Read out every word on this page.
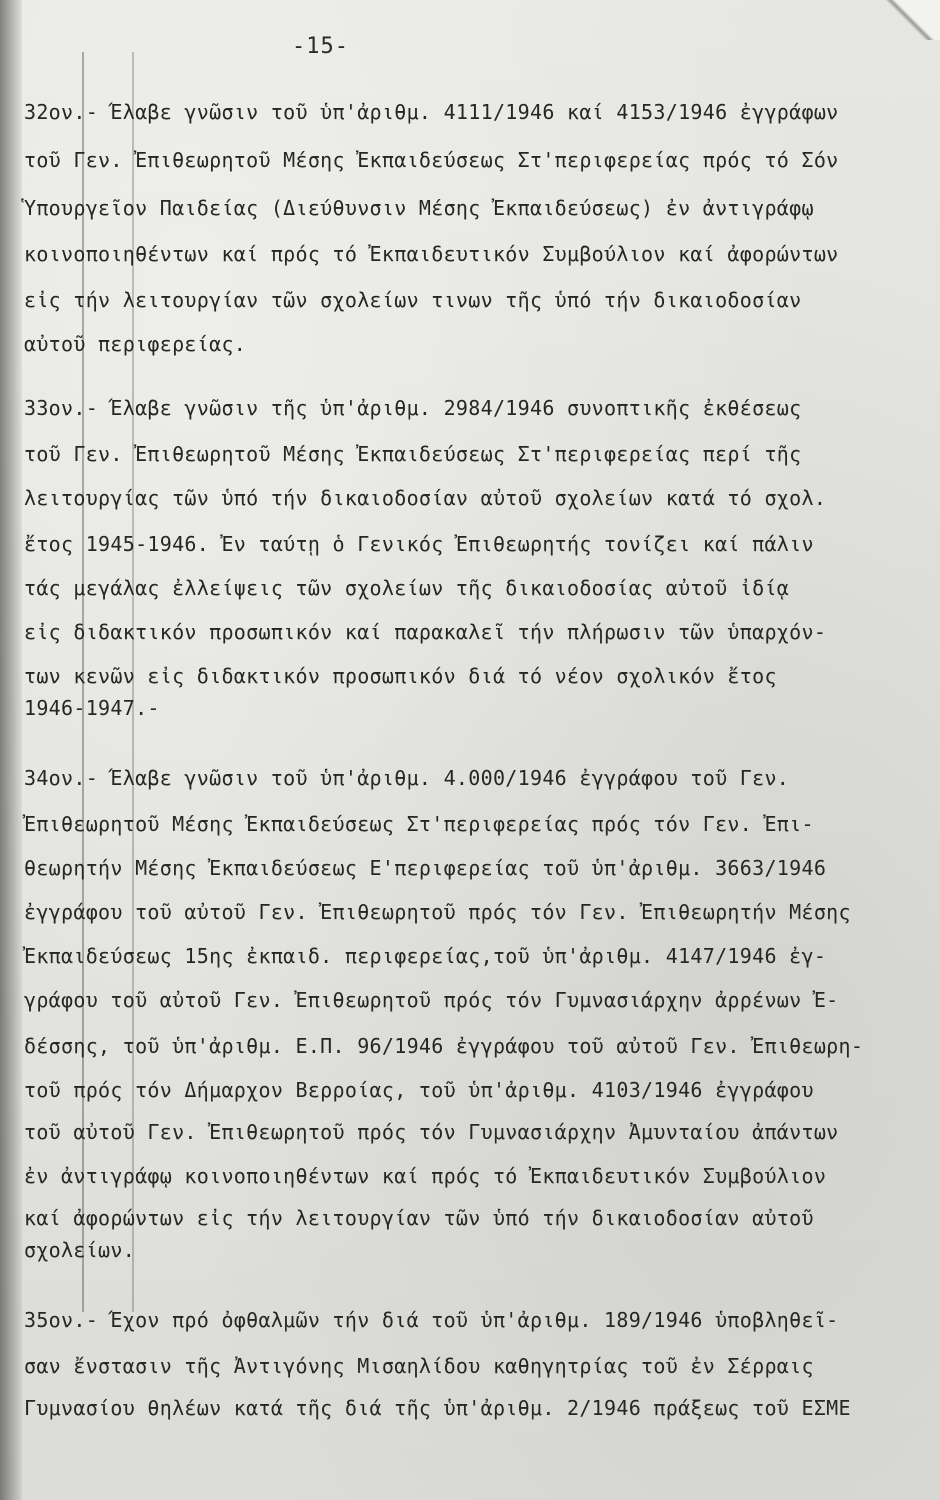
-15-
32ον.- Έλαβε γνῶσιν τοῦ ὑπ'ἀριθμ. 4111/1946 καί 4153/1946 ἐγγράφων
τοῦ Γεν. Ἐπιθεωρητοῦ Μέσης Ἐκπαιδεύσεως Στ'περιφερείας πρός τό Σόν
Ὑπουργεῖον Παιδείας (Διεύθυνσιν Μέσης Ἐκπαιδεύσεως) ἐν ἀντιγράφῳ
κοινοποιηθέντων καί πρός τό Ἐκπαιδευτικόν Συμβούλιον καί ἀφορώντων
εἰς τήν λειτουργίαν τῶν σχολείων τινων τῆς ὑπό τήν δικαιοδοσίαν
αὐτοῦ περιφερείας.
33ον.- Έλαβε γνῶσιν τῆς ὑπ'ἀριθμ. 2984/1946 συνοπτικῆς ἐκθέσεως
τοῦ Γεν. Ἐπιθεωρητοῦ Μέσης Ἐκπαιδεύσεως Στ'περιφερείας περί τῆς
λειτουργίας τῶν ὑπό τήν δικαιοδοσίαν αὐτοῦ σχολείων κατά τό σχολ.
ἔτος 1945-1946. Ἐν ταύτῃ ὁ Γενικός Ἐπιθεωρητής τονίζει καί πάλιν
τάς μεγάλας ἐλλείψεις τῶν σχολείων τῆς δικαιοδοσίας αὐτοῦ ἰδίᾳ
εἰς διδακτικόν προσωπικόν καί παρακαλεῖ τήν πλήρωσιν τῶν ὑπαρχόν-
των κενῶν εἰς διδακτικόν προσωπικόν διά τό νέον σχολικόν ἔτος
1946-1947.-
34ον.- Έλαβε γνῶσιν τοῦ ὑπ'ἀριθμ. 4.000/1946 ἐγγράφου τοῦ Γεν.
Ἐπιθεωρητοῦ Μέσης Ἐκπαιδεύσεως Στ'περιφερείας πρός τόν Γεν. Ἐπι-
θεωρητήν Μέσης Ἐκπαιδεύσεως Ε'περιφερείας τοῦ ὑπ'ἀριθμ. 3663/1946
ἐγγράφου τοῦ αὐτοῦ Γεν. Ἐπιθεωρητοῦ πρός τόν Γεν. Ἐπιθεωρητήν Μέσης
Ἐκπαιδεύσεως 15ης ἐκπαιδ. περιφερείας,τοῦ ὑπ'ἀριθμ. 4147/1946 ἐγ-
γράφου τοῦ αὐτοῦ Γεν. Ἐπιθεωρητοῦ πρός τόν Γυμνασιάρχην ἀρρένων Ἐ-
δέσσης, τοῦ ὑπ'ἀριθμ. Ε.Π. 96/1946 ἐγγράφου τοῦ αὐτοῦ Γεν. Ἐπιθεωρη-
τοῦ πρός τόν Δήμαρχον Βερροίας, τοῦ ὑπ'ἀριθμ. 4103/1946 ἐγγράφου
τοῦ αὐτοῦ Γεν. Ἐπιθεωρητοῦ πρός τόν Γυμνασιάρχην Ἀμυνταίου ἀπάντων
ἐν ἀντιγράφῳ κοινοποιηθέντων καί πρός τό Ἐκπαιδευτικόν Συμβούλιον
καί ἀφορώντων εἰς τήν λειτουργίαν τῶν ὑπό τήν δικαιοδοσίαν αὐτοῦ
σχολείων.
35ον.- Έχον πρό ὀφθαλμῶν τήν διά τοῦ ὑπ'ἀριθμ. 189/1946 ὑποβληθεῖ-
σαν ἔνστασιν τῆς Ἀντιγόνης Μισαηλίδου καθηγητρίας τοῦ ἐν Σέρραις
Γυμνασίου θηλέων κατά τῆς διά τῆς ὑπ'ἀριθμ. 2/1946 πράξεως τοῦ ΕΣΜΕ
